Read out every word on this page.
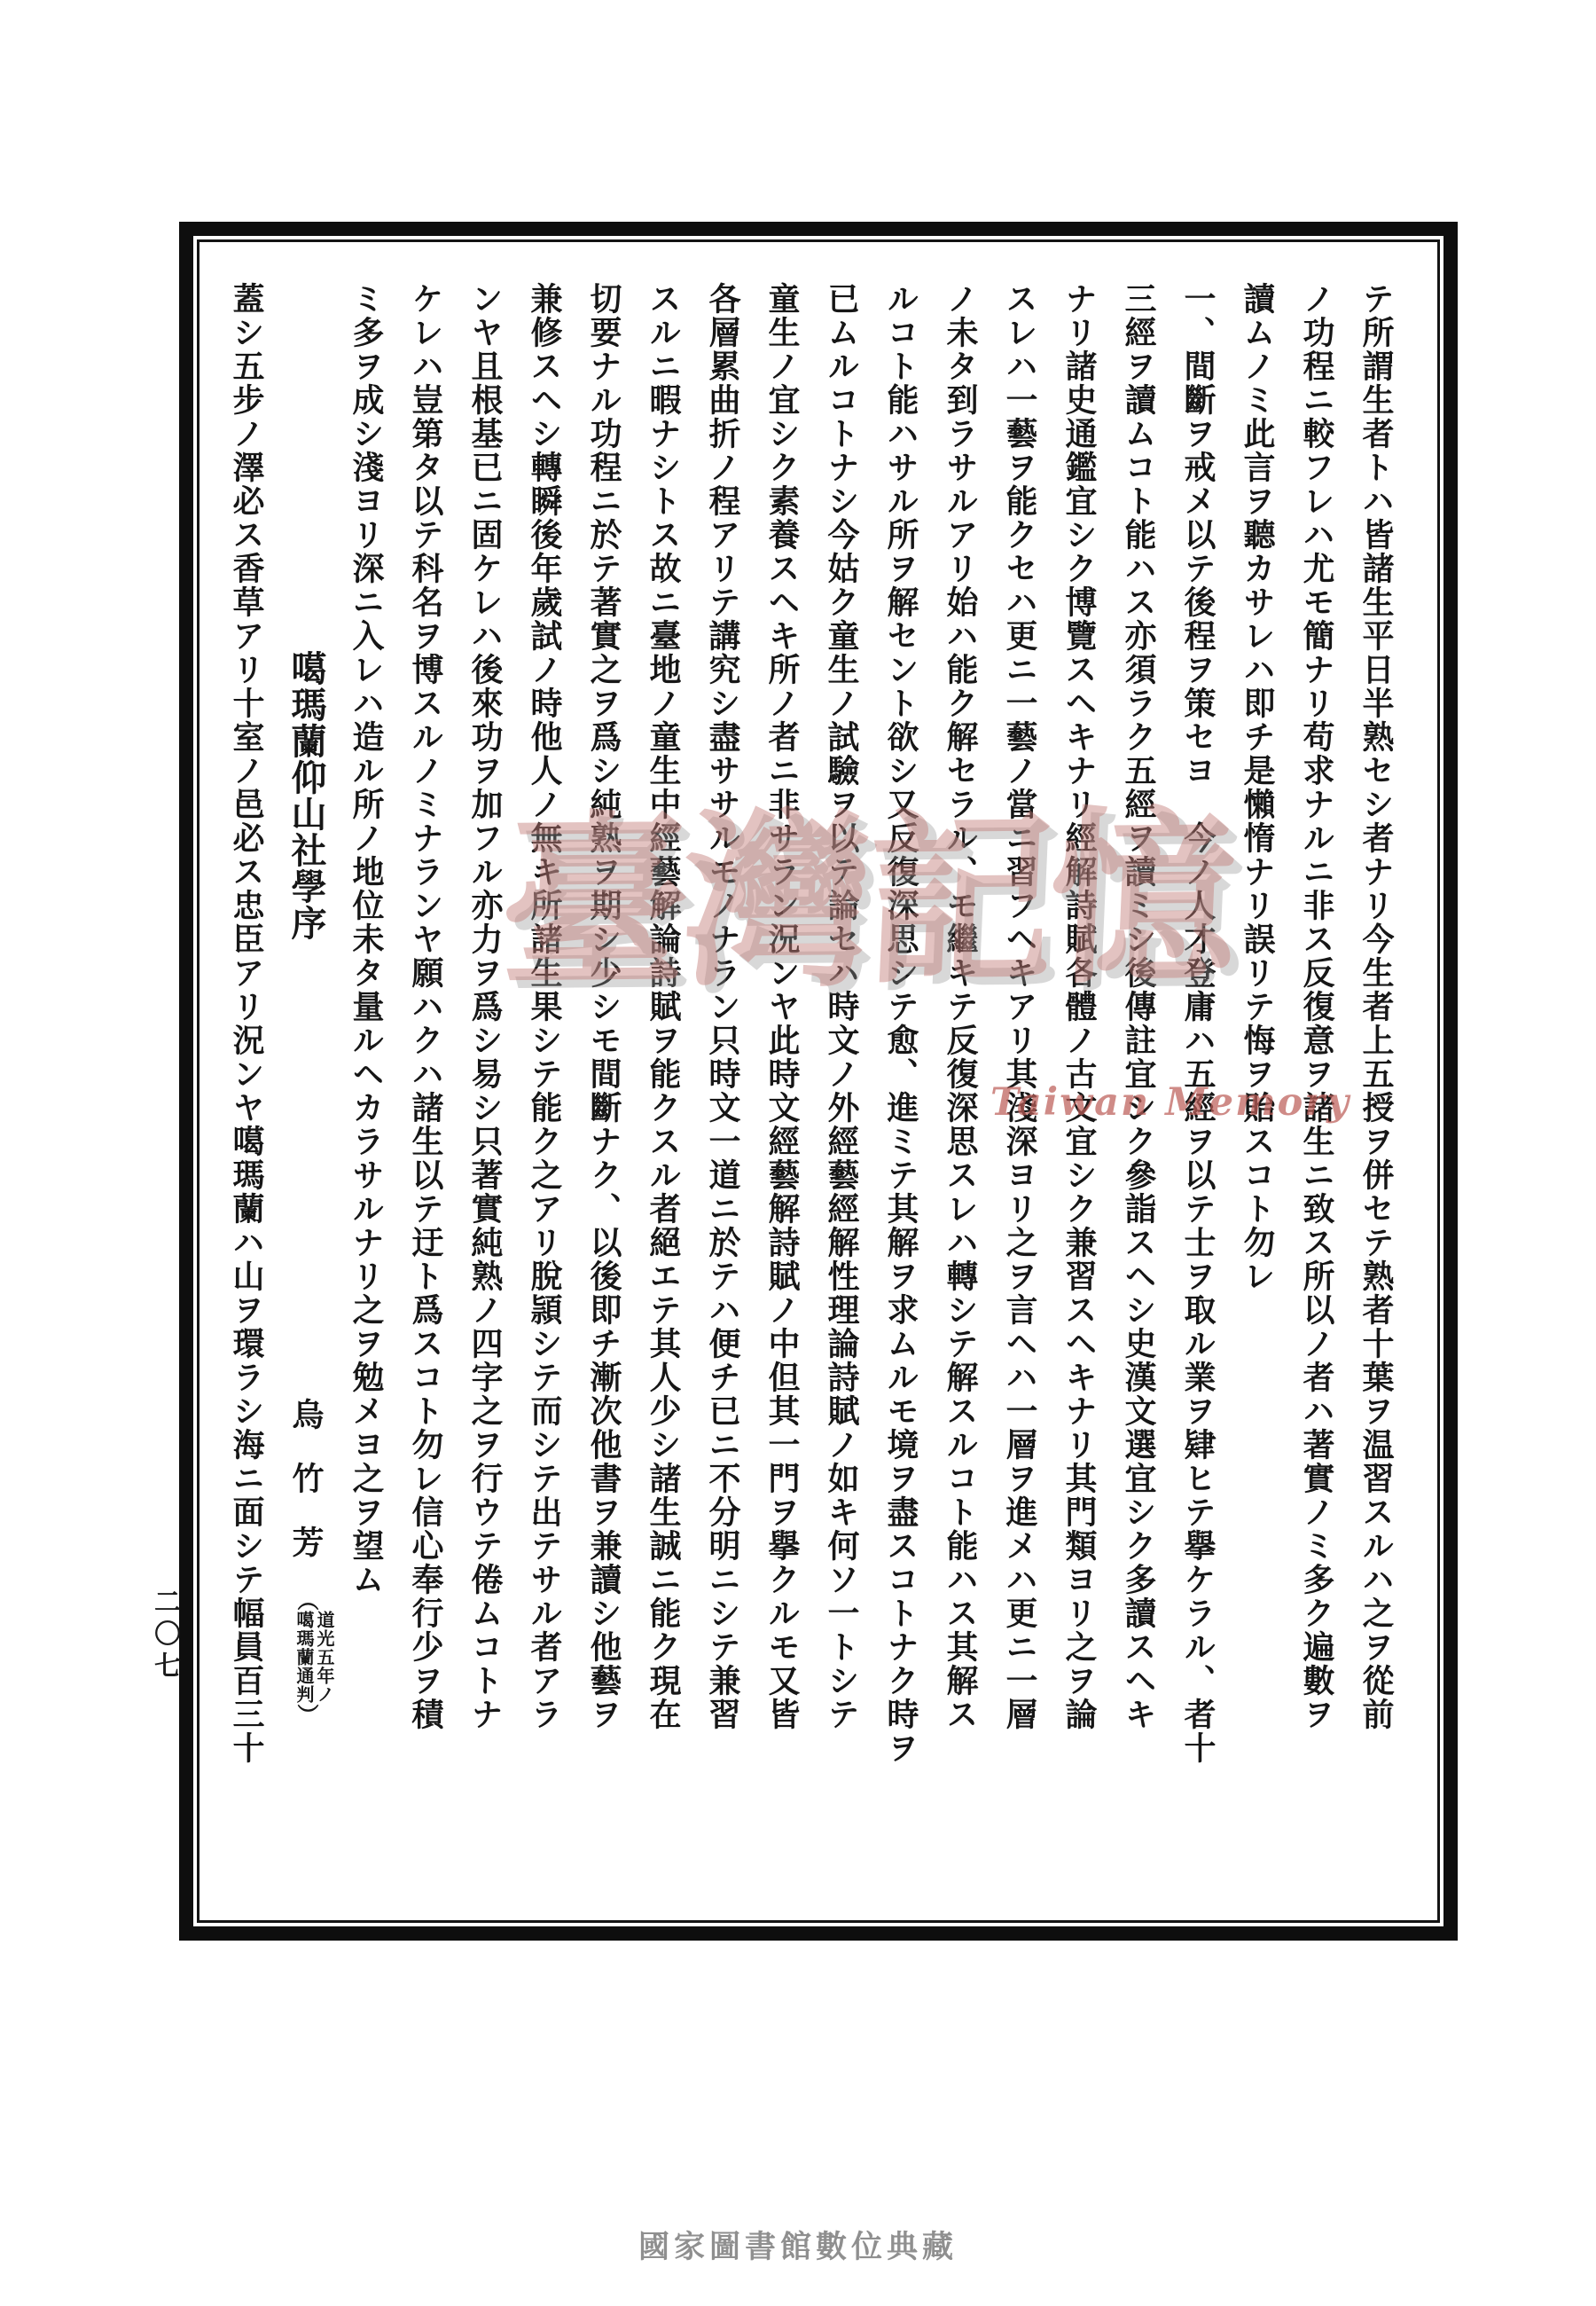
テ所謂生者トハ皆諸生平日半熟セシ者ナリ今生者上五授ヲ併セテ熟者十葉ヲ温習スルハ之ヲ從前

ノ功程ニ較フレハ尤モ簡ナリ苟求ナルニ非ス反復意ヲ諸生ニ致ス所以ノ者ハ著實ノミ多ク遍數ヲ

讀ムノミ此言ヲ聽カサレハ即チ是懶惰ナリ誤リテ悔ヲ貽スコト勿レ

一、間斷ヲ戒メ以テ後程ヲ策セヨ　今ノ人才登庸ハ五經ヲ以テ士ヲ取ル業ヲ肄ヒテ擧ケラル、者十

三經ヲ讀ムコト能ハス亦須ラク五經ヲ讀ミシ後傳註宜シク參詣スヘシ史漢文選宜シク多讀スヘキ

ナリ諸史通鑑宜シク博覽スヘキナリ經解詩賦各體ノ古文宜シク兼習スヘキナリ其門類ヨリ之ヲ論

スレハ一藝ヲ能クセハ更ニ一藝ノ當ニ習フヘキアリ其淺深ヨリ之ヲ言ヘハ一層ヲ進メハ更ニ一層

ノ未タ到ラサルアリ始ハ能ク解セラル、モ繼キテ反復深思スレハ轉シテ解スルコト能ハス其解ス

ルコト能ハサル所ヲ解セント欲シ又反復深思シテ愈、進ミテ其解ヲ求ムルモ境ヲ盡スコトナク時ヲ

已ムルコトナシ今姑ク童生ノ試驗ヲ以テ論セハ時文ノ外經藝經解性理論詩賦ノ如キ何ソ一トシテ

童生ノ宜シク素養スヘキ所ノ者ニ非サラン況ンヤ此時文經藝解詩賦ノ中但其一門ヲ擧クルモ又皆

各層累曲折ノ程アリテ講究シ盡ササルモノナラン只時文一道ニ於テハ便チ已ニ不分明ニシテ兼習

スルニ暇ナシトス故ニ臺地ノ童生中經藝解論詩賦ヲ能クスル者絕エテ其人少シ諸生誠ニ能ク現在

切要ナル功程ニ於テ著實之ヲ爲シ純熟ヲ期シ少シモ間斷ナク、以後即チ漸次他書ヲ兼讀シ他藝ヲ

兼修スヘシ轉瞬後年歲試ノ時他人ノ無キ所諸生果シテ能ク之アリ脫頴シテ而シテ出テサル者アラ

ンヤ且根基已ニ固ケレハ後來功ヲ加フル亦力ヲ爲シ易シ只著實純熟ノ四字之ヲ行ウテ倦ムコトナ

ケレハ豈第タ以テ科名ヲ博スルノミナランヤ願ハクハ諸生以テ迂ト爲スコト勿レ信心奉行少ヲ積

ミ多ヲ成シ淺ヨリ深ニ入レハ造ル所ノ地位未タ量ルヘカラサルナリ之ヲ勉メヨ之ヲ望ム

噶瑪蘭仰山社學序烏竹芳（
道光五年ノ
噶瑪蘭通判
）

蓋シ五步ノ澤必ス香草アリ十室ノ邑必ス忠臣アリ況ンヤ噶瑪蘭ハ山ヲ環ラシ海ニ面シテ幅員百三十

二〇七
臺灣記憶
Taiwan Memory
國家圖書館數位典藏
